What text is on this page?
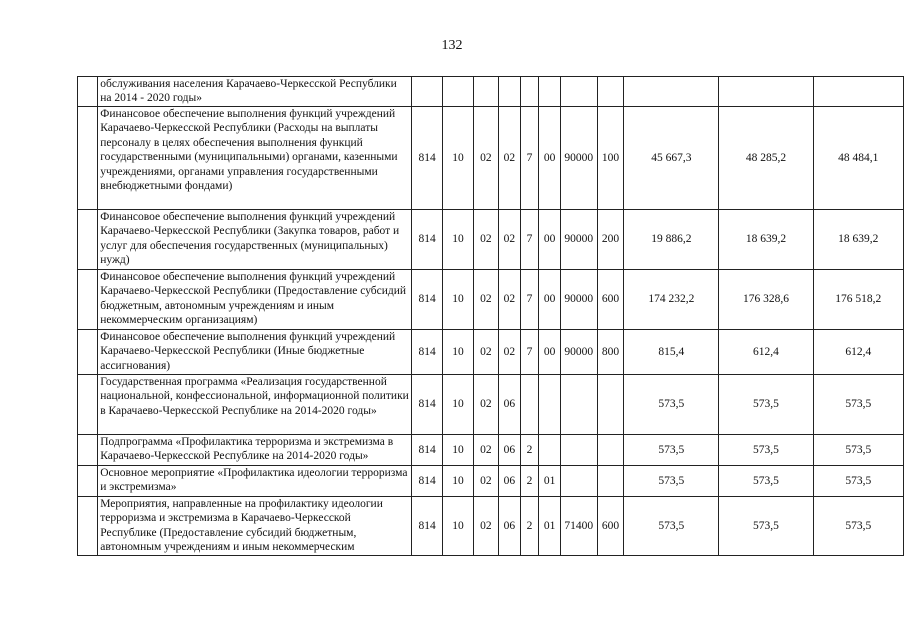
132
	обслуживания населения Карачаево-Черкесской Республики на 2014 - 2020 годы»											
	Финансовое обеспечение выполнения функций учреждений Карачаево-Черкесской Республики (Расходы на выплаты персоналу в целях обеспечения выполнения функций государственными (муниципальными) органами, казенными учреждениями, органами управления государственными внебюджетными фондами)	814	10	02	02	7	00	90000	100	45 667,3	48 285,2	48 484,1
	Финансовое обеспечение выполнения функций учреждений Карачаево-Черкесской Республики (Закупка товаров, работ и услуг для обеспечения государственных (муниципальных) нужд)	814	10	02	02	7	00	90000	200	19 886,2	18 639,2	18 639,2
	Финансовое обеспечение выполнения функций учреждений Карачаево-Черкесской Республики (Предоставление субсидий бюджетным, автономным учреждениям и иным некоммерческим организациям)	814	10	02	02	7	00	90000	600	174 232,2	176 328,6	176 518,2
	Финансовое обеспечение выполнения функций учреждений Карачаево-Черкесской Республики (Иные бюджетные ассигнования)	814	10	02	02	7	00	90000	800	815,4	612,4	612,4
	Государственная программа «Реализация государственной национальной, конфессиональной, информационной политики в Карачаево-Черкесской Республике на 2014-2020 годы»	814	10	02	06					573,5	573,5	573,5
	Подпрограмма «Профилактика терроризма и экстремизма в Карачаево-Черкесской Республике на 2014-2020 годы»	814	10	02	06	2				573,5	573,5	573,5
	Основное мероприятие «Профилактика идеологии терроризма и экстремизма»	814	10	02	06	2	01			573,5	573,5	573,5
	Мероприятия, направленные на профилактику идеологии терроризма и экстремизма в Карачаево-Черкесской Республике (Предоставление субсидий бюджетным, автономным учреждениям и иным некоммерческим	814	10	02	06	2	01	71400	600	573,5	573,5	573,5
